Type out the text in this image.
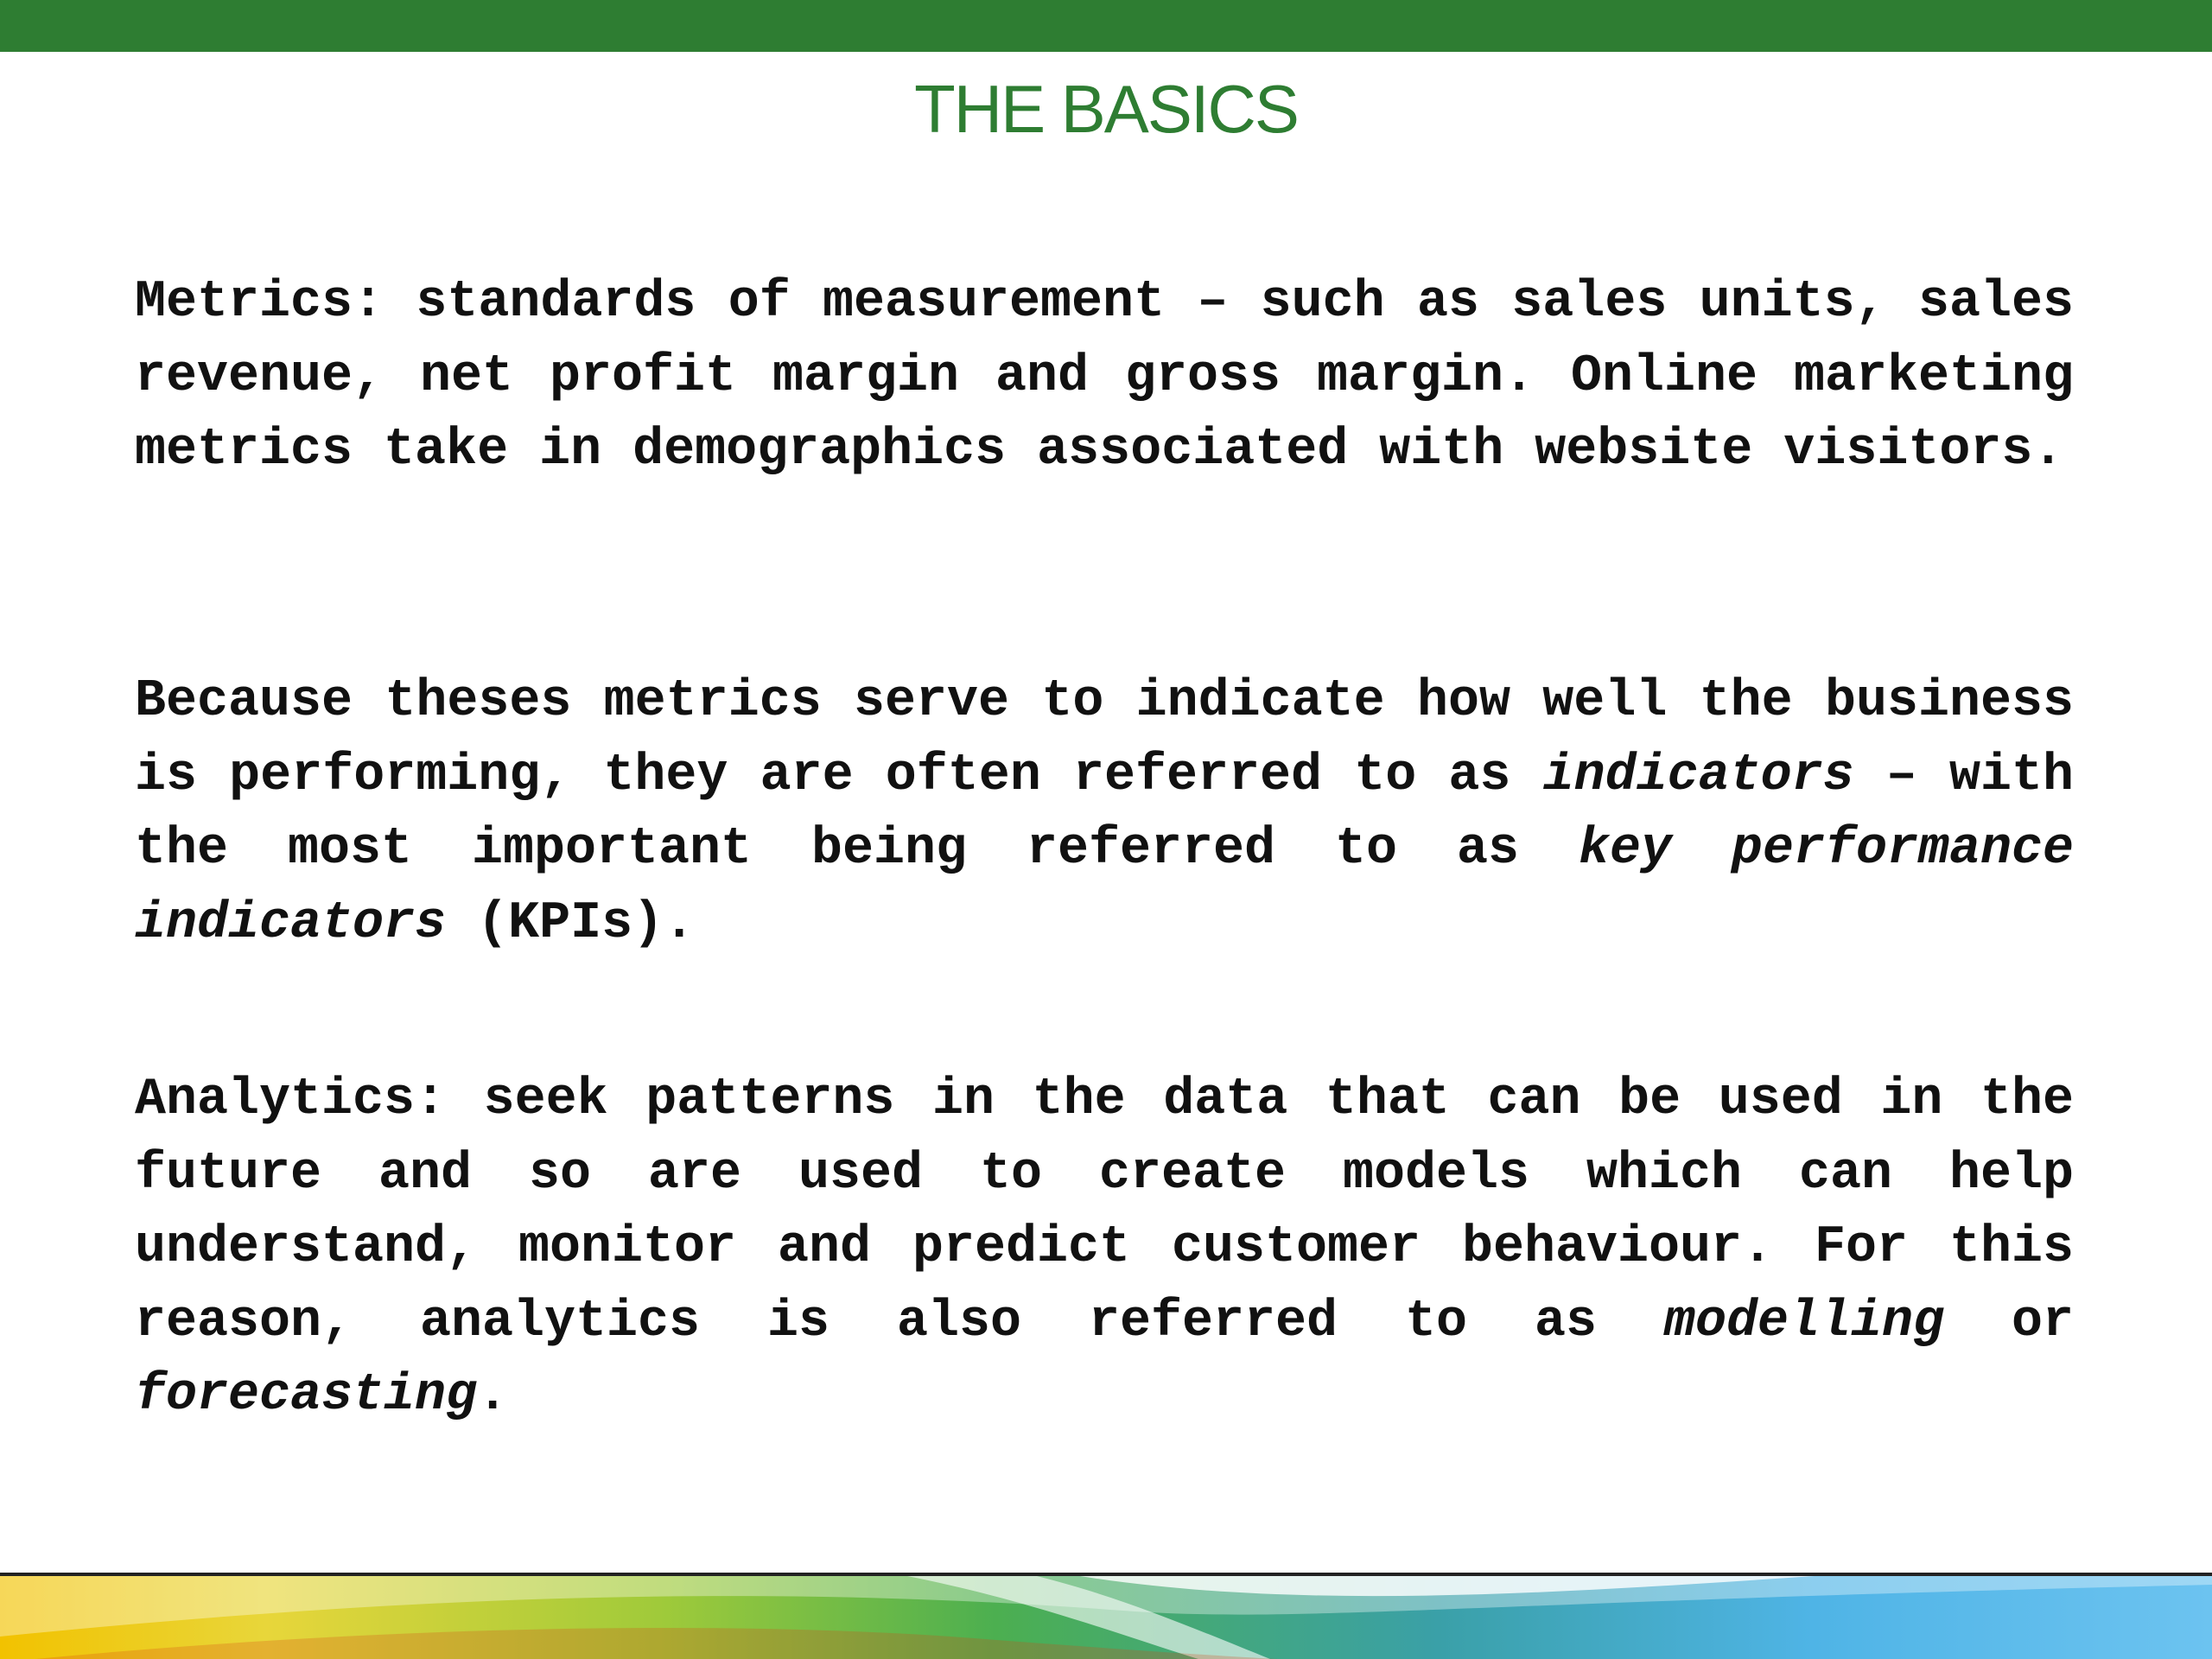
THE BASICS

Metrics: standards of measurement – such as sales units, sales revenue, net profit margin and gross margin. Online marketing metrics take in demographics associated with website visitors.

Because theses metrics serve to indicate how well the business is performing, they are often referred to as indicators – with the most important being referred to as key performance indicators (KPIs).

Analytics: seek patterns in the data that can be used in the future and so are used to create models which can help understand, monitor and predict customer behaviour. For this reason, analytics is also referred to as modelling or forecasting.
